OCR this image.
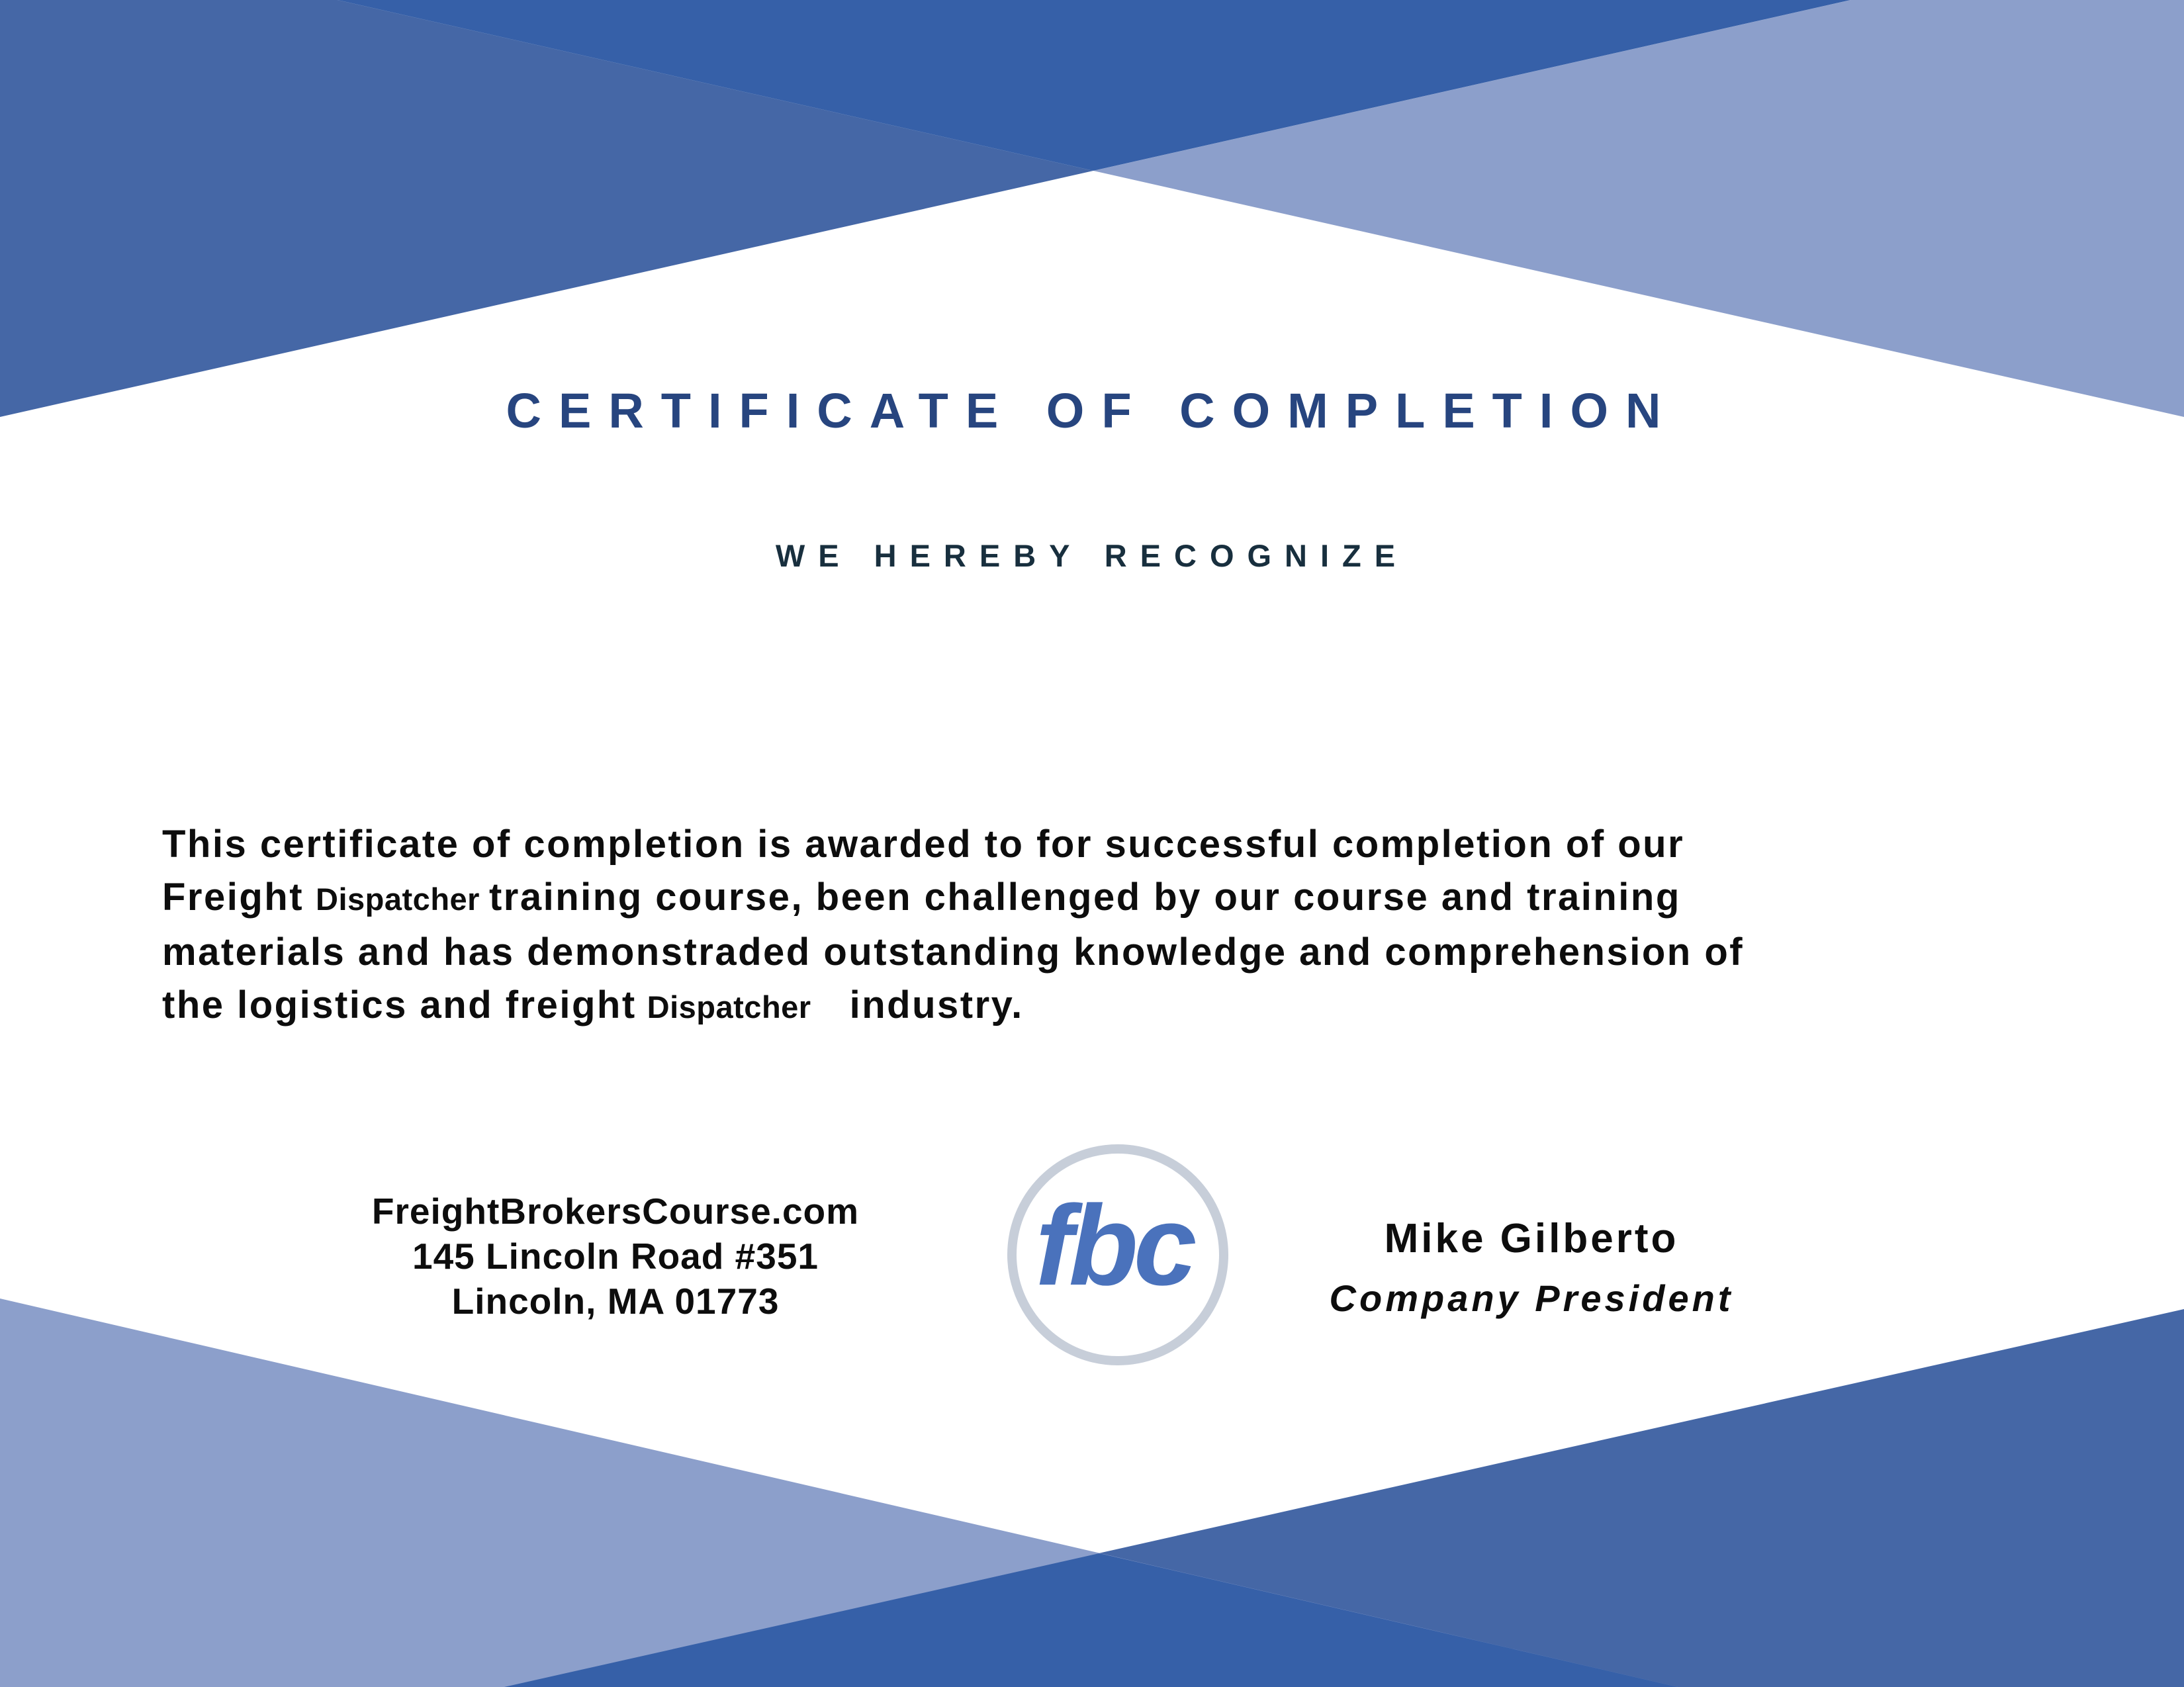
CERTIFICATE OF COMPLETION
WE HEREBY RECOGNIZE
This certificate of completion is awarded to for successful completion of our
Freight Dispatcher training course, been challenged by our course and training
materials and has demonstraded outstanding knowledge and comprehension of
the logistics and freight Dispatcher industry.
FreightBrokersCourse.com
145 Lincoln Road #351
Lincoln, MA 01773	fbc	Mike Gilberto
Company President
